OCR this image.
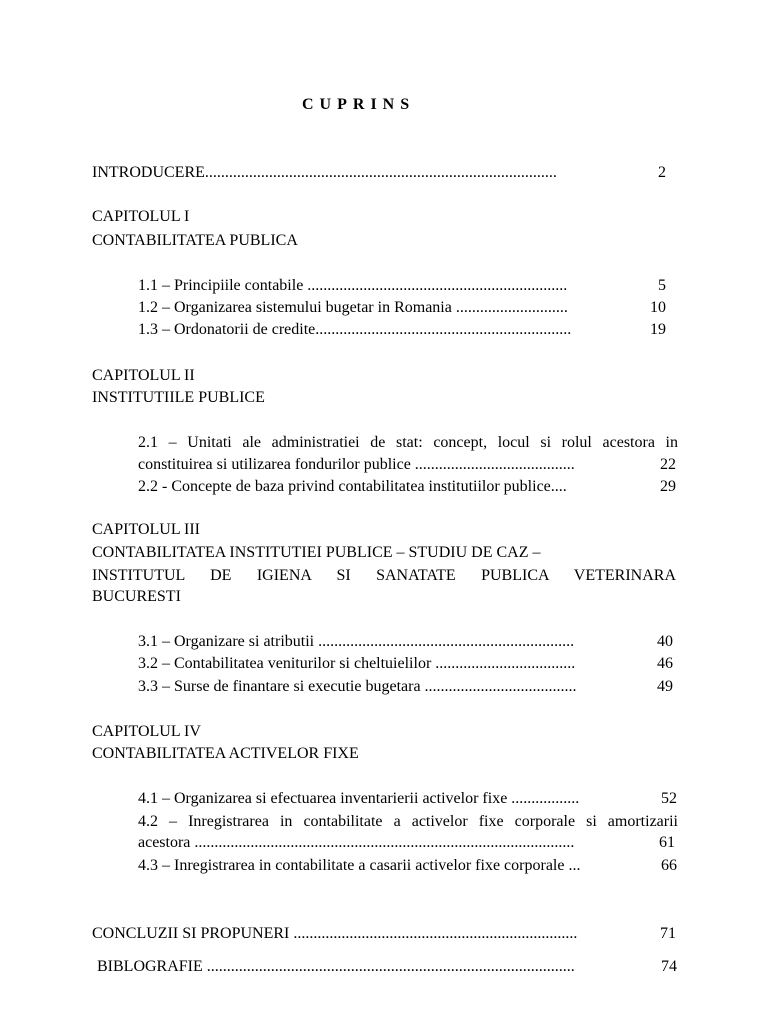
CUPRINS
INTRODUCERE........................................................................................	2
CAPITOLUL I
CONTABILITATEA PUBLICA
1.1 – Principiile contabile .................................................................	5
1.2 – Organizarea sistemului bugetar in Romania ............................	10
1.3 – Ordonatorii de credite................................................................	19
CAPITOLUL II
INSTITUTIILE PUBLICE
2.1 – Unitati ale administratiei de stat: concept, locul si rolul acestora in
constituirea si utilizarea fondurilor publice ........................................	22
2.2 - Concepte de baza privind contabilitatea institutiilor publice....	29
CAPITOLUL III
CONTABILITATEA INSTITUTIEI PUBLICE – STUDIU DE CAZ –
INSTITUTUL DE IGIENA SI SANATATE PUBLICA VETERINARA
BUCURESTI
3.1 – Organizare si atributii ................................................................	40
3.2 – Contabilitatea veniturilor si cheltuielilor ...................................	46
3.3 – Surse de finantare si executie bugetara ......................................	49
CAPITOLUL IV
CONTABILITATEA ACTIVELOR FIXE
4.1 – Organizarea si efectuarea inventarierii activelor fixe .................	52
4.2 – Inregistrarea in contabilitate a activelor fixe corporale si amortizarii
acestora ...............................................................................................	61
4.3 – Inregistrarea in contabilitate a casarii activelor fixe corporale ...	66
CONCLUZII SI PROPUNERI .......................................................................	71
BIBLOGRAFIE ............................................................................................	74
